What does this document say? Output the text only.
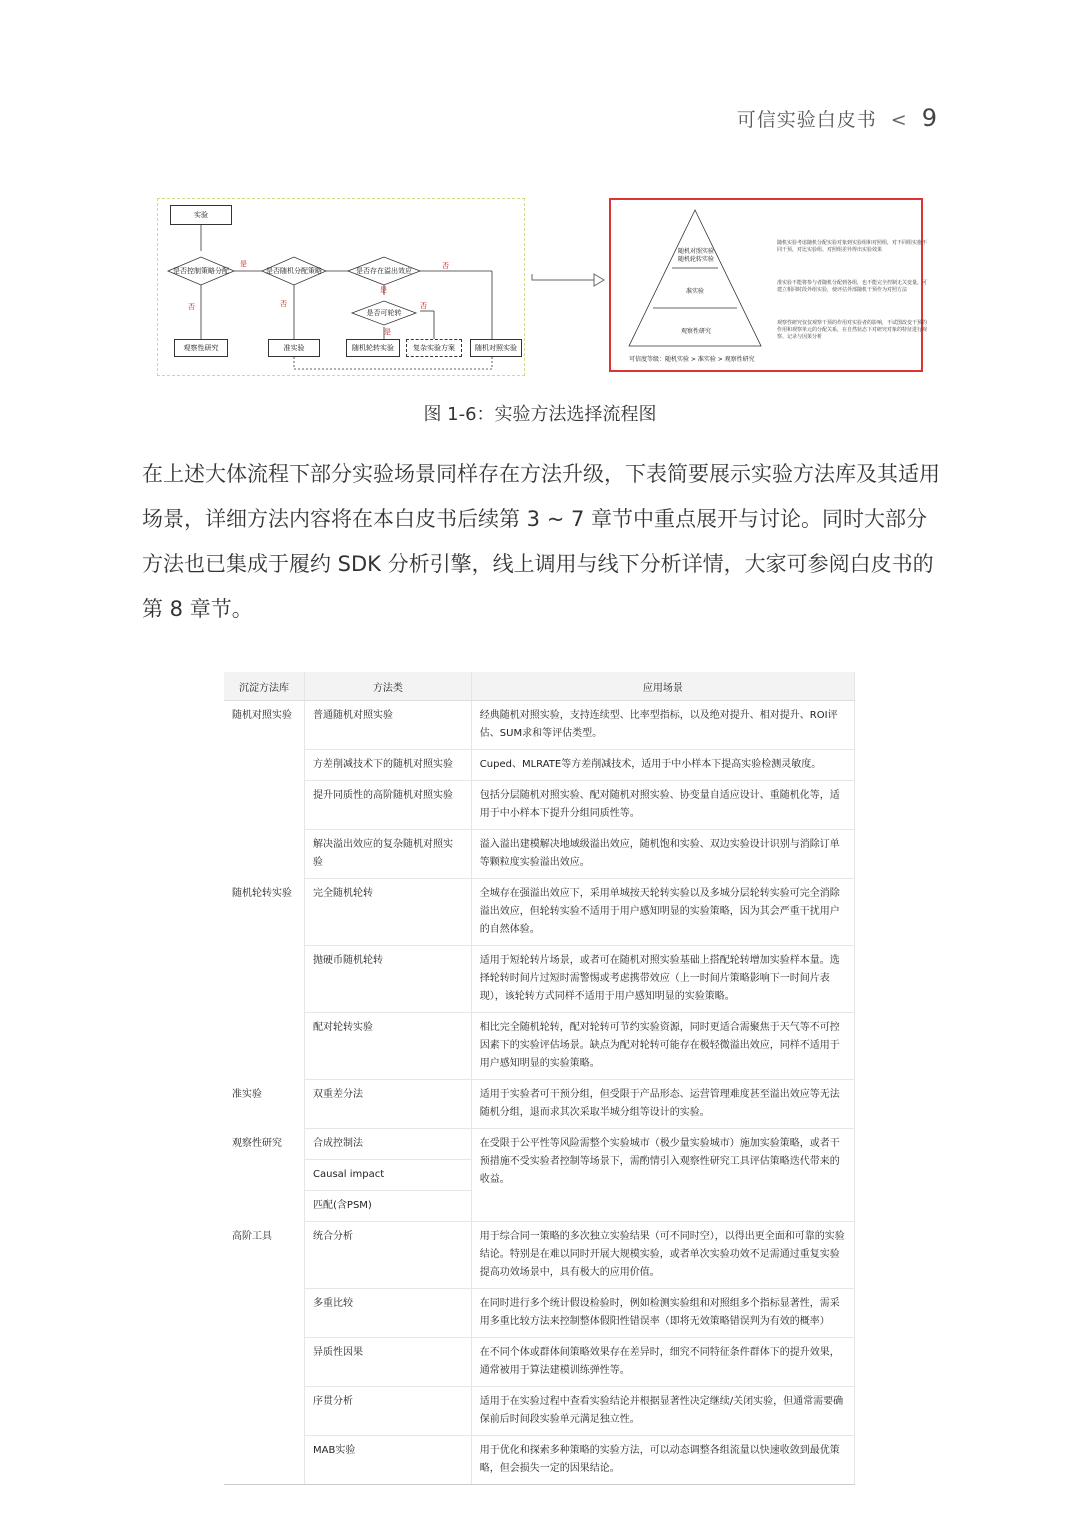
可信实验白皮书 < 9
实验
是否控制策略分配	是否随机分配策略	是否存在溢出效应
是否可轮转
是
否	否
是
否
否
是
观察性研究	准实验	随机轮转实验	复杂实验方案	随机对照实验
随机对照实验
随机轮转实验
准实验
观察性研究
可信度等级：随机实验 > 准实验 > 观察性研究
随机实验考虑随机分配实验对象到实验组和对照组，对不同组实施不同干预，对比实验组、对照组差异得出实验效果
准实验不能将参与者随机分配到各组，也不能完全控制无关变量，可建立相同时段外组实验，使评估外部随机干预作为对照方法
观察性研究仅仅观察干预的作用对实验者的影响，不试图改变干预的作用和观察单元的分配关系，在自然状态下对研究对象的特征进行观察、记录与因果分析
图 1-6：实验方法选择流程图
在上述大体流程下部分实验场景同样存在方法升级，下表简要展示实验方法库及其适用场景，详细方法内容将在本白皮书后续第 3 ~ 7 章节中重点展开与讨论。同时大部分方法也已集成于履约 SDK 分析引擎，线上调用与线下分析详情，大家可参阅白皮书的第 8 章节。
沉淀方法库	方法类	应用场景
随机对照实验	普通随机对照实验	经典随机对照实验，支持连续型、比率型指标，以及绝对提升、相对提升、ROI评估、SUM求和等评估类型。
	方差削减技术下的随机对照实验	Cuped、MLRATE等方差削减技术，适用于中小样本下提高实验检测灵敏度。
	提升同质性的高阶随机对照实验	包括分层随机对照实验、配对随机对照实验、协变量自适应设计、重随机化等，适用于中小样本下提升分组同质性等。
	解决溢出效应的复杂随机对照实验	溢入溢出建模解决地域级溢出效应，随机饱和实验、双边实验设计识别与消除订单等颗粒度实验溢出效应。
随机轮转实验	完全随机轮转	全城存在强溢出效应下，采用单城按天轮转实验以及多城分层轮转实验可完全消除溢出效应，但轮转实验不适用于用户感知明显的实验策略，因为其会严重干扰用户的自然体验。
	抛硬币随机轮转	适用于短轮转片场景，或者可在随机对照实验基础上搭配轮转增加实验样本量。选择轮转时间片过短时需警惕或考虑携带效应（上一时间片策略影响下一时间片表现），该轮转方式同样不适用于用户感知明显的实验策略。
	配对轮转实验	相比完全随机轮转，配对轮转可节约实验资源，同时更适合需聚焦于天气等不可控因素下的实验评估场景。缺点为配对轮转可能存在极轻微溢出效应，同样不适用于用户感知明显的实验策略。
准实验	双重差分法	适用于实验者可干预分组，但受限于产品形态、运营管理难度甚至溢出效应等无法随机分组，退而求其次采取半城分组等设计的实验。
观察性研究	合成控制法	在受限于公平性等风险需整个实验城市（极少量实验城市）施加实验策略，或者干预措施不受实验者控制等场景下，需酌情引入观察性研究工具评估策略迭代带来的收益。
	Causal impact	
	匹配(含PSM)	
高阶工具	统合分析	用于综合同一策略的多次独立实验结果（可不同时空），以得出更全面和可靠的实验结论。特别是在难以同时开展大规模实验，或者单次实验功效不足需通过重复实验提高功效场景中，具有极大的应用价值。
	多重比较	在同时进行多个统计假设检验时，例如检测实验组和对照组多个指标显著性，需采用多重比较方法来控制整体假阳性错误率（即将无效策略错误判为有效的概率）
	异质性因果	在不同个体或群体间策略效果存在差异时，细究不同特征条件群体下的提升效果，通常被用于算法建模训练弹性等。
	序贯分析	适用于在实验过程中查看实验结论并根据显著性决定继续/关闭实验，但通常需要确保前后时间段实验单元满足独立性。
	MAB实验	用于优化和探索多种策略的实验方法，可以动态调整各组流量以快速收敛到最优策略，但会损失一定的因果结论。
